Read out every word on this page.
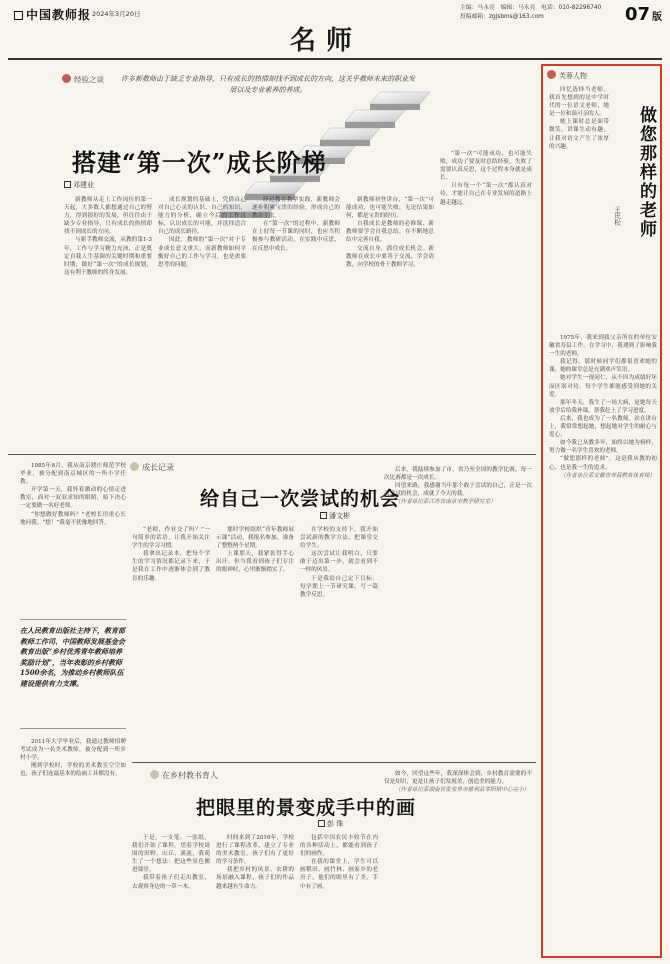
中国教师报 2024年3月20日
名师
主编：马永亮　编辑：马永亮　电话：010-82296740
投稿邮箱：zgjsbms@163.com	07 版
经验之谈	许多新教师由于缺乏专业指导，只有成长的热情却找不到成长的方向，这关乎教师未来的职业发展以及专业素养的养成。
搭建“第一次”成长阶梯
邓建业

新教师从走上工作岗位的第一天起，大多数人都想通过自己的努力，得到很好的发展，但往往由于缺少专业指导，只有成长的热情却找不到成长的方向。

与新手教师交流，从教的第1-3年，工作与学习精力充沛，正是奠定自我人生基调的关键时期和重要时期，做好“第一次”的成长规划，这有利于教师的终身发展。

成长规划的基础上，凭借自己对自己心灵的认识，自己的知识、能力的分析，确立今后的工作目标，认识成长的可能，并选择适合自己的成长路径。

因此，教师的“第一次”对于专业成长意义重大，而新教师如何平衡好自己的工作与学习，也是需要思考的问题。

经过教育教学实践，新教师会逐步积累宝贵的经验，形成自己的教育主张。

在“第一次”的过程中，新教师在上好每一节课的同时，也应当积极参与教研活动，在实践中反思，在反思中成长。

新教师初登讲台，“第一次”可能成功，也可能失败，无论结果如何，都是宝贵的经历。

自我成长是教师的必修课，新教师要学会自我总结，在不断地总结中完善自我。

交流自身，抓住成长机会。新教师在成长中要善于交流、学会请教，向学校的骨干教师学习。

“第一次”可能成功，也可能失败，成功了要及时总结经验，失败了需要认真反思，这个过程本身就是成长。

只有每一个“第一次”都认真对待，才能让自己在专业发展的道路上越走越远。

成长记录
给自己一次尝试的机会
潘文彬

1985年8月，我从南京晓庄师范学校毕业，被分配到南京城区的一所小学任教。

开学第一天，我怀着激动的心情走进教室，面对一双双求知的眼睛，暗下决心一定要做一名好老师。

“你想做好教师吗？”老校长语重心长地问我。“想！”我毫不犹豫地回答。

在人民教育出版社主持下，教育部教师工作司、中国教师发展基金会教育出版“乡村优秀青年教师培养奖励计划”，当年表彰的乡村教师1500余名，为推动乡村教师队伍建设提供有力支撑。

“老师，作业交了吗？”一句简单的话语，让我开始关注学生的学习习惯。

我拿出记录本，把每个学生的学习情况都记录下来，于是我在工作中逐渐体会到了教育的乐趣。

那时学校组织“青年教师展示课”活动，我报名参加，准备了整整两个星期。

上课那天，我紧张得手心出汗，但当我看到孩子们专注的眼神时，心里渐渐踏实了。

在学校的支持下，我开始尝试新的教学方法，把课堂交给学生。

这次尝试让我明白，只要敢于迈出第一步，就会看到不一样的风景。

于是我给自己定下目标：每学期上一节研究课，写一篇教学反思。

后来，我陆续参加了市、省乃至全国的教学比赛，每一次比赛都是一次成长。

回望来路，我感谢当年那个敢于尝试的自己，正是一次次尝试的机会，成就了今天的我。

（作者单位系江苏省南京市教学研究室）

在乡村教书育人
把眼里的景变成手中的画
彭 珠

2011年大学毕业后，我通过教师招聘考试成为一名美术教师，被分配到一所乡村小学。

刚到学校时，学校的美术教室空空如也，孩子们连最基本的绘画工具都没有。

于是，一支笔、一张纸，我们开始了课程。望着学校周围的田野、山丘、溪流，我萌生了一个想法：把这些景色搬进课堂。

我带着孩子们走出教室，去观察身边的一草一木。

时间来到了2016年，学校进行了课程改革，建立了专业的美术教室，孩子们有了更好的学习条件。

我把乡村的风景、农耕的场景融入课程，孩子们的作品越来越有生命力。

包括中国农民丰收节在内的各种活动上，都能看到孩子们的画作。

在我的课堂上，学生可以画稻田、画竹林、画家乡的老房子，他们的眼里有了美，手中有了画。

如今，回望这些年，我深深体会到，乡村教育需要的不仅是知识，更是让孩子们发现美、创造美的能力。

（作者单位系湖南省张家界市慈利县零阳镇中心完小）

芙蓉人物
做您那样的老师
王庆松

回忆选择当老师，我首先想到的是中学时代的一位语文老师，她是一位和蔼可亲的人。

她上课时总是面带微笑，讲课生动有趣，让我对语文产生了浓厚的兴趣。

1975年，我来到我父亲所在的单位安徽省寿县工作。在学习中，我遇到了影响我一生的老师。

我记得，那时候同学们都很喜欢她的课，她的课堂总是充满欢声笑语。

她对学生一视同仁，从不因为成绩好坏而区别对待，每个学生都能感受到她的关爱。

那年冬天，我生了一场大病，是她每天放学后给我补课，帮我赶上了学习进度。

后来，我也成为了一名教师。站在讲台上，我常常想起她，想起她对学生的耐心与爱心。

如今我已从教多年，始终以她为榜样，努力做一名学生喜欢的老师。

“做您那样的老师”，这是我从教的初心，也是我一生的追求。

（作者单位系安徽省寿县教育体育局）
